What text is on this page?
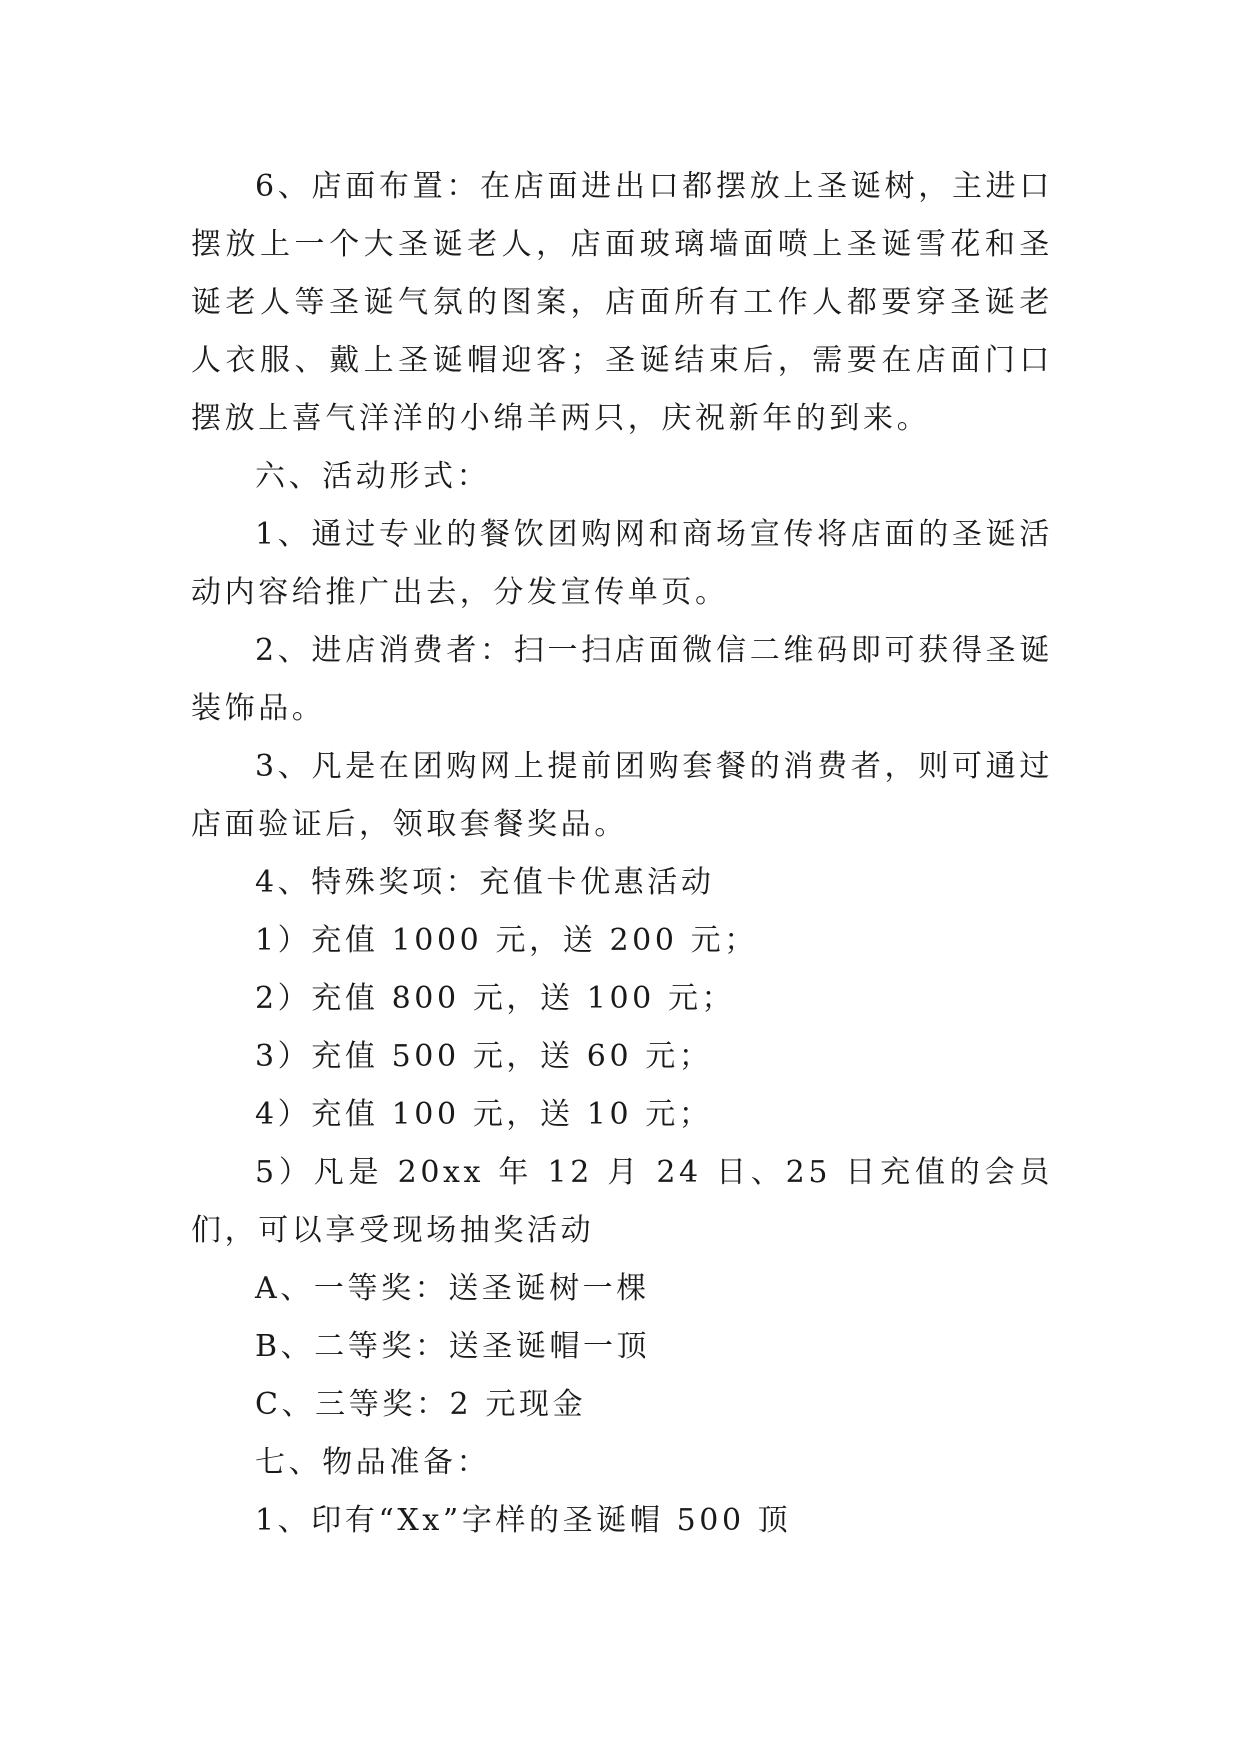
6、店面布置：在店面进出口都摆放上圣诞树，主进口摆放上一个大圣诞老人，店面玻璃墙面喷上圣诞雪花和圣诞老人等圣诞气氛的图案，店面所有工作人都要穿圣诞老人衣服、戴上圣诞帽迎客；圣诞结束后，需要在店面门口摆放上喜气洋洋的小绵羊两只，庆祝新年的到来。

六、活动形式：

1、通过专业的餐饮团购网和商场宣传将店面的圣诞活动内容给推广出去，分发宣传单页。

2、进店消费者：扫一扫店面微信二维码即可获得圣诞装饰品。

3、凡是在团购网上提前团购套餐的消费者，则可通过店面验证后，领取套餐奖品。

4、特殊奖项：充值卡优惠活动

1）充值 1000 元，送 200 元；

2）充值 800 元，送 100 元；

3）充值 500 元，送 60 元；

4）充值 100 元，送 10 元；

5）凡是 20xx 年 12 月 24 日、25 日充值的会员们，可以享受现场抽奖活动

A、一等奖：送圣诞树一棵

B、二等奖：送圣诞帽一顶

C、三等奖：2 元现金

七、物品准备：

1、印有“Xx”字样的圣诞帽 500 顶
